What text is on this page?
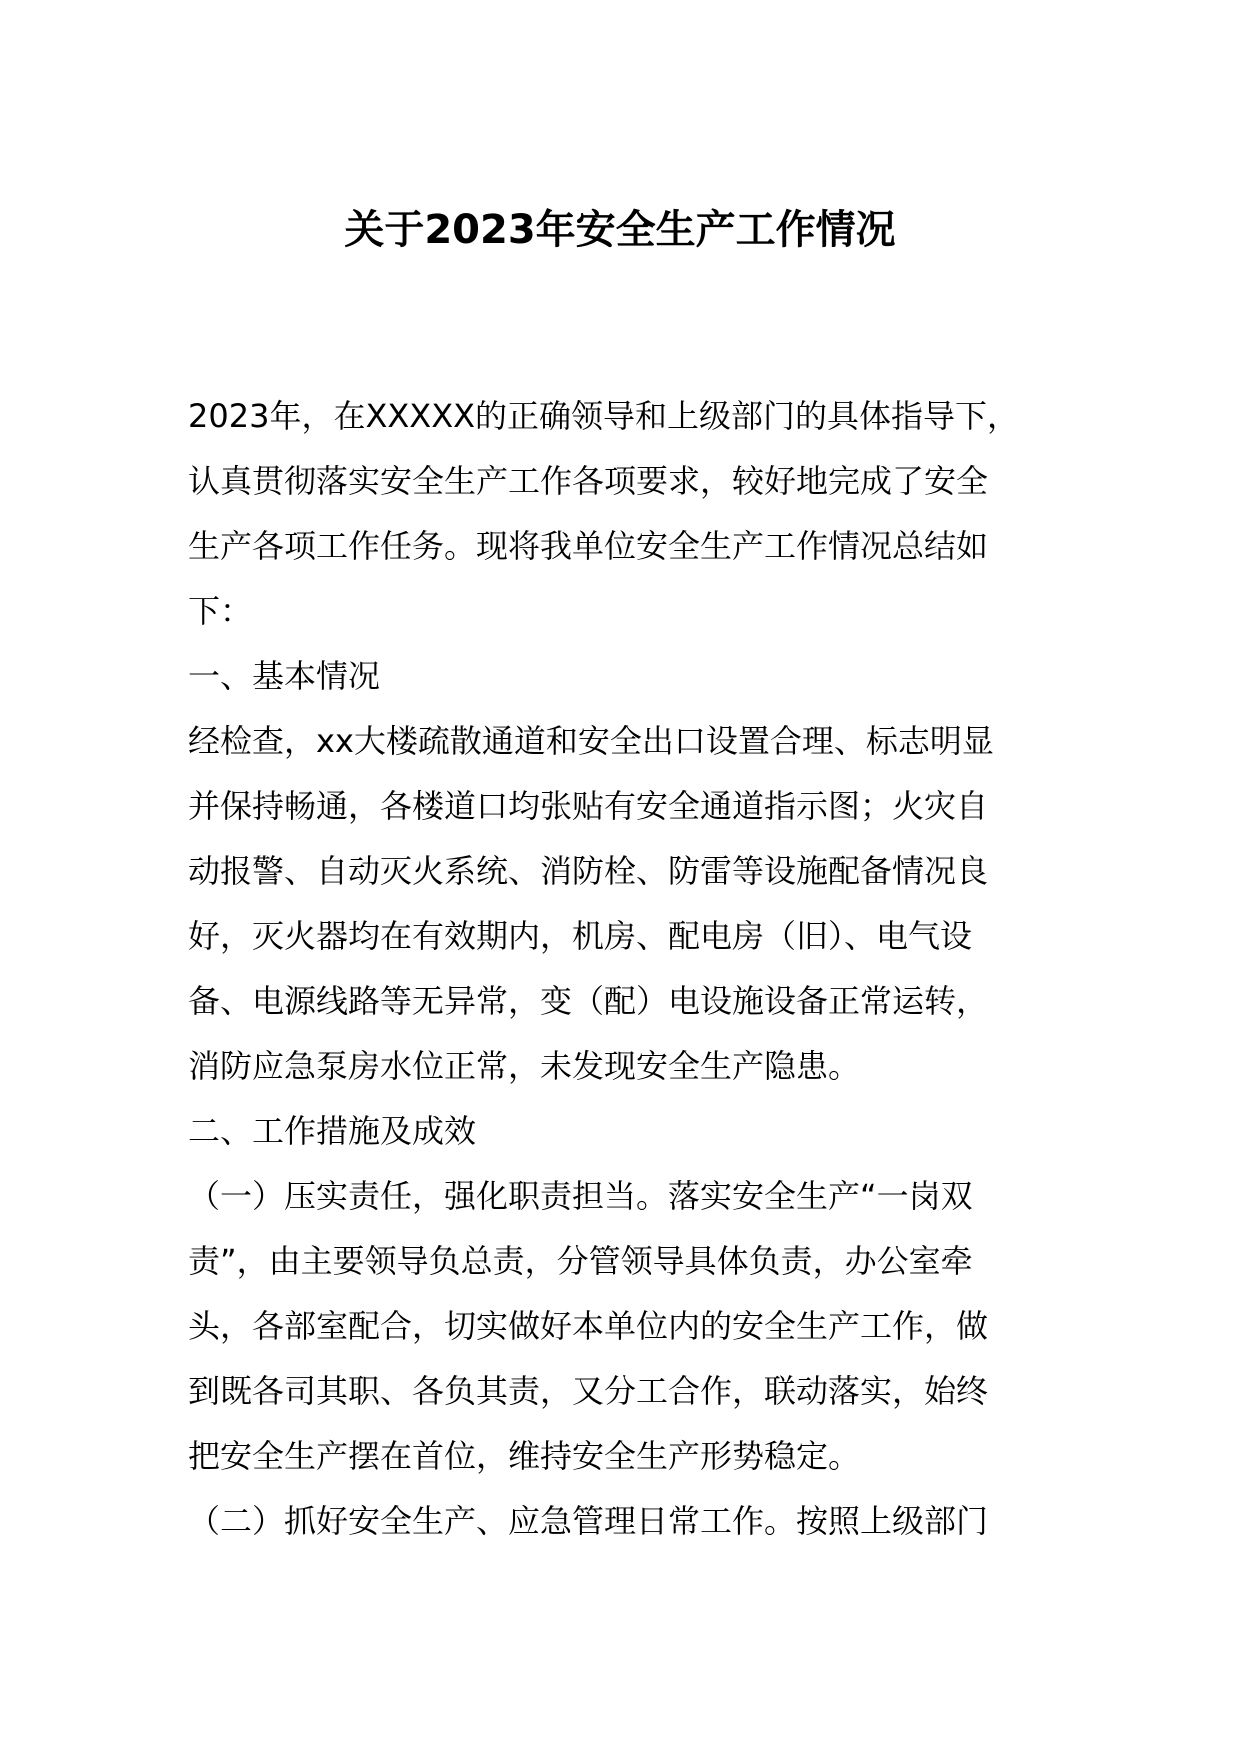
关于2023年安全生产工作情况
2023年，在XXXXX的正确领导和上级部门的具体指导下，
认真贯彻落实安全生产工作各项要求，较好地完成了安全
生产各项工作任务。现将我单位安全生产工作情况总结如
下：
一、基本情况
经检查，xx大楼疏散通道和安全出口设置合理、标志明显
并保持畅通，各楼道口均张贴有安全通道指示图；火灾自
动报警、自动灭火系统、消防栓、防雷等设施配备情况良
好，灭火器均在有效期内，机房、配电房（旧）、电气设
备、电源线路等无异常，变（配）电设施设备正常运转，
消防应急泵房水位正常，未发现安全生产隐患。
二、工作措施及成效
（一）压实责任，强化职责担当。落实安全生产“一岗双
责”，由主要领导负总责，分管领导具体负责，办公室牵
头，各部室配合，切实做好本单位内的安全生产工作，做
到既各司其职、各负其责，又分工合作，联动落实，始终
把安全生产摆在首位，维持安全生产形势稳定。
（二）抓好安全生产、应急管理日常工作。按照上级部门
